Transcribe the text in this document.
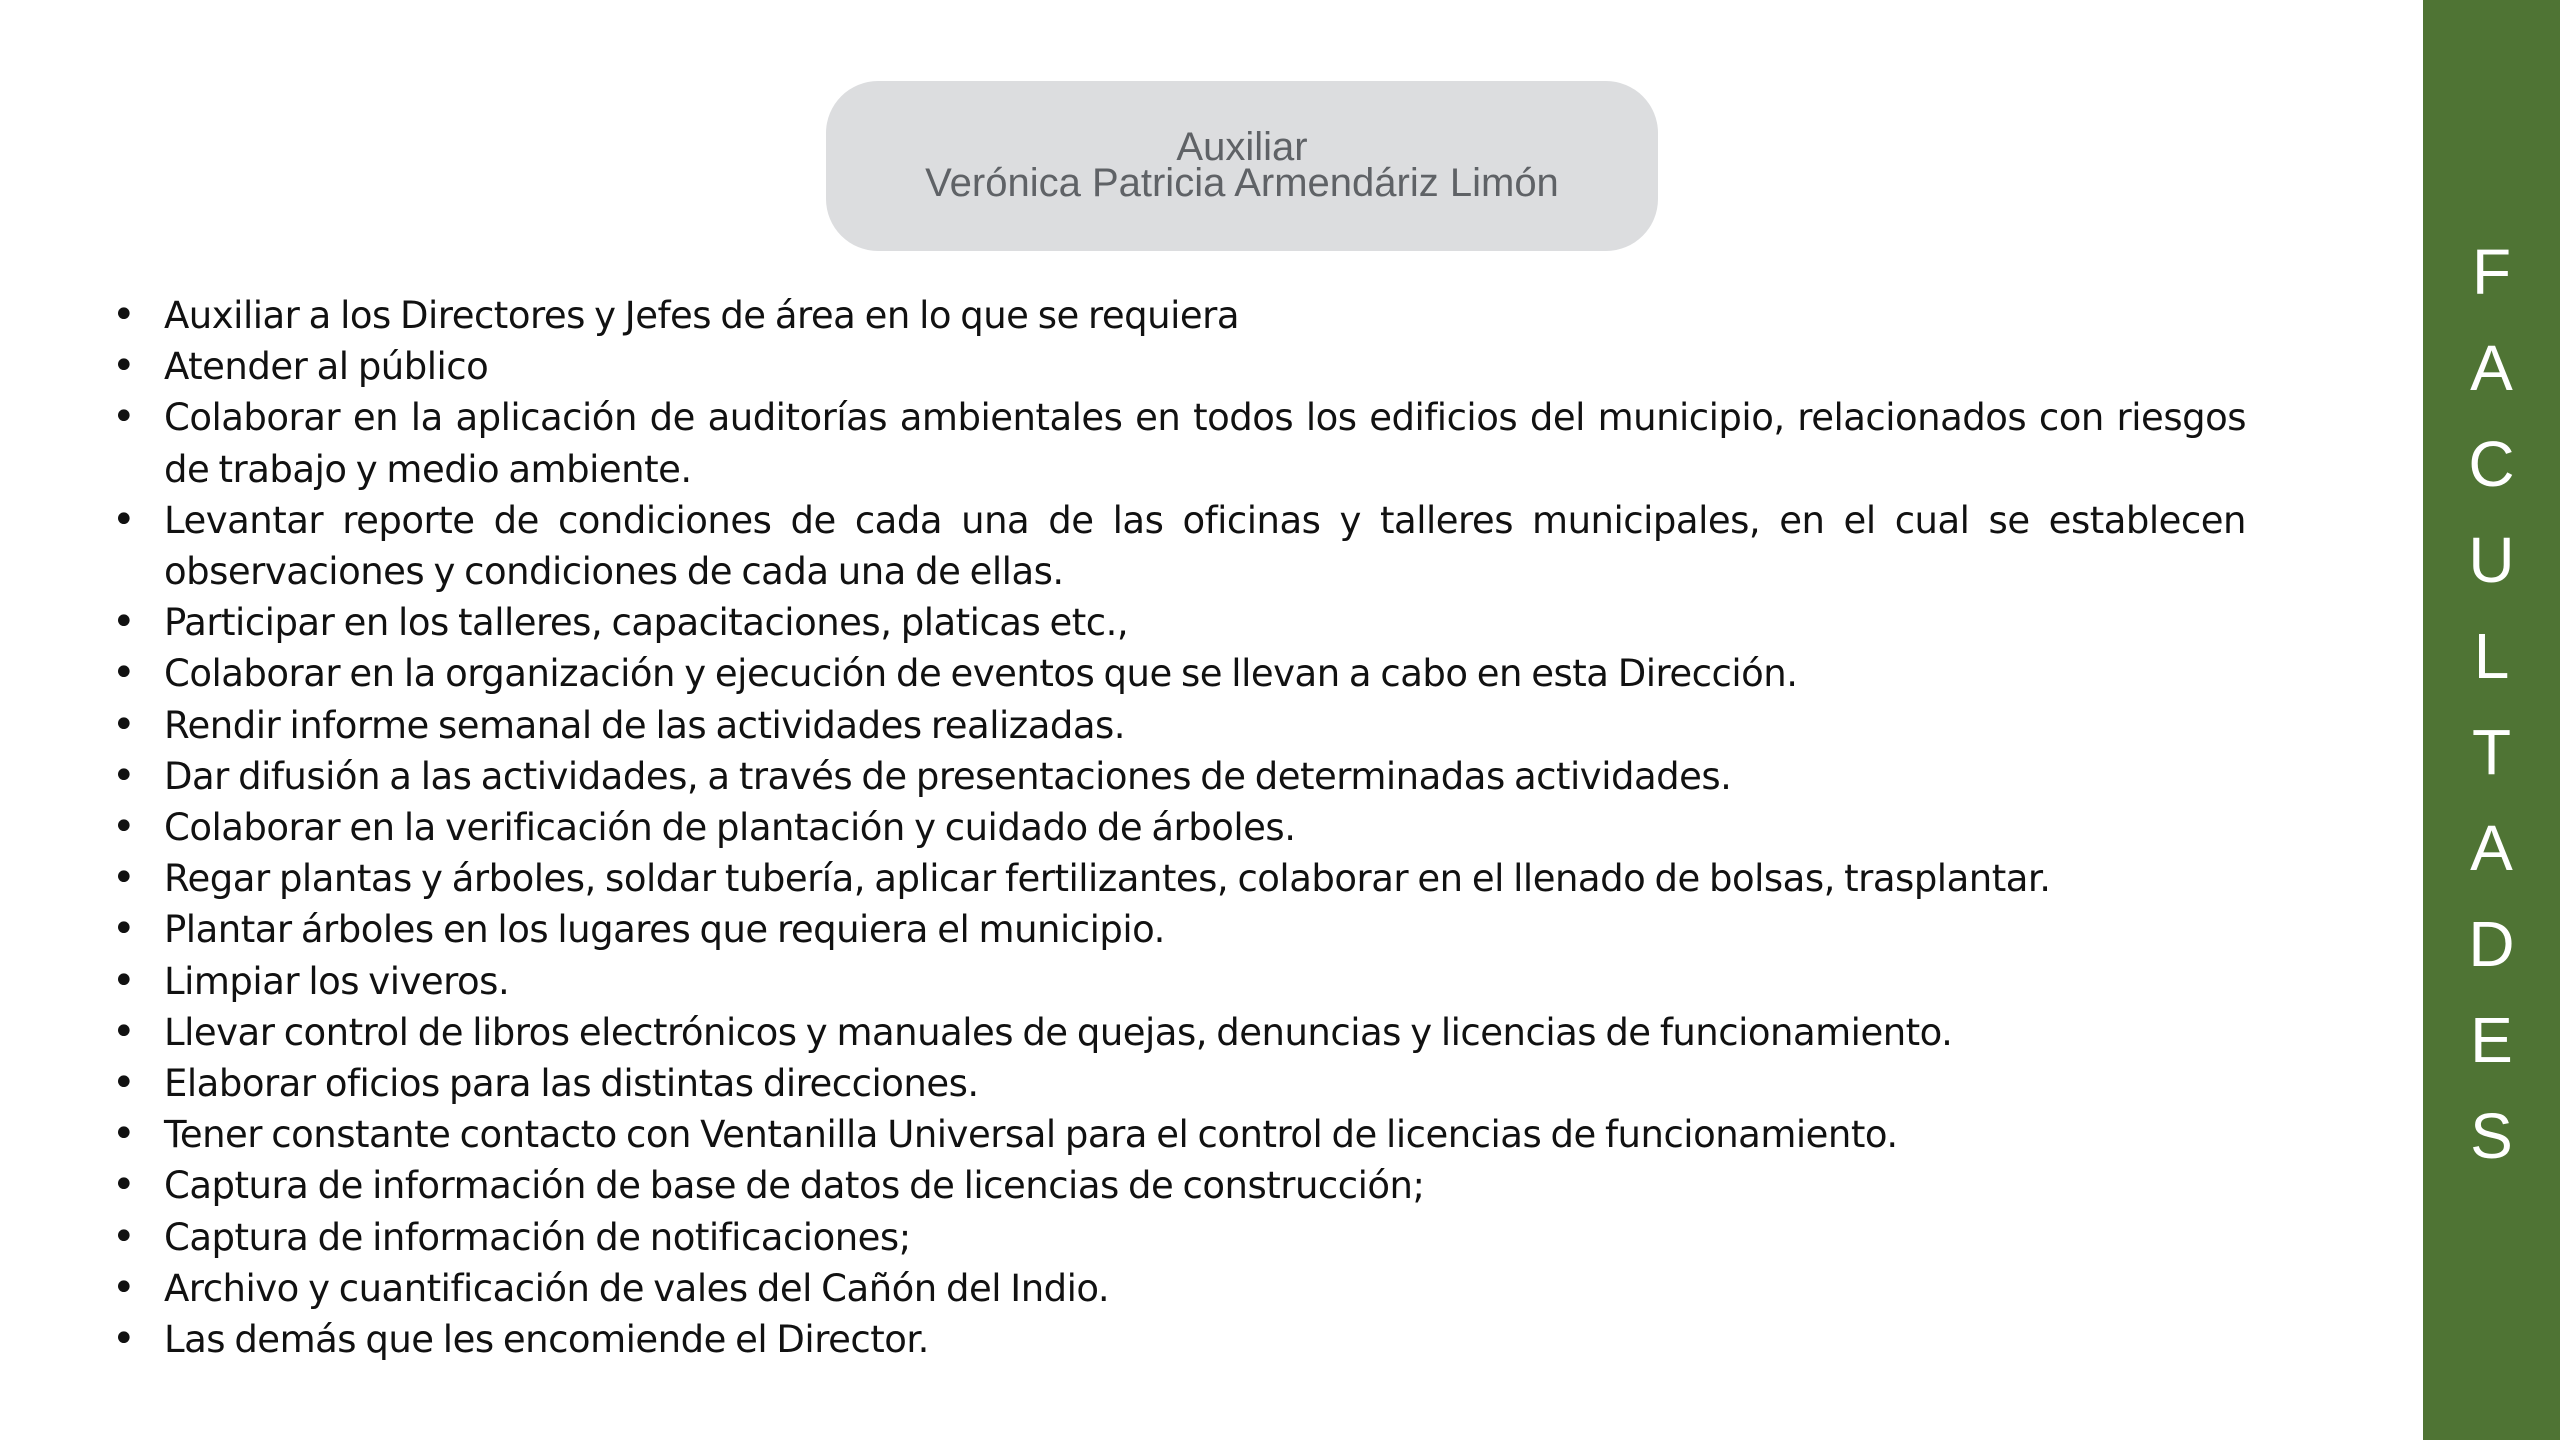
Auxiliar
Verónica Patricia Armendáriz Limón
• Auxiliar a los Directores y Jefes de área en lo que se requiera
• Atender al público
• Colaborar en la aplicación de auditorías ambientales en todos los edificios del municipio, relacionados con riesgos de trabajo y medio ambiente.
• Levantar reporte de condiciones de cada una de las oficinas y talleres municipales, en el cual se establecen observaciones y condiciones de cada una de ellas.
• Participar en los talleres, capacitaciones, platicas etc.,
• Colaborar en la organización y ejecución de eventos que se llevan a cabo en esta Dirección.
• Rendir informe semanal de las actividades realizadas.
• Dar difusión a las actividades, a través de presentaciones de determinadas actividades.
• Colaborar en la verificación de plantación y cuidado de árboles.
• Regar plantas y árboles, soldar tubería, aplicar fertilizantes, colaborar en el llenado de bolsas, trasplantar.
• Plantar árboles en los lugares que requiera el municipio.
• Limpiar los viveros.
• Llevar control de libros electrónicos y manuales de quejas, denuncias y licencias de funcionamiento.
• Elaborar oficios para las distintas direcciones.
• Tener constante contacto con Ventanilla Universal para el control de licencias de funcionamiento.
• Captura de información de base de datos de licencias de construcción;
• Captura de información de notificaciones;
• Archivo y cuantificación de vales del Cañón del Indio.
• Las demás que les encomiende el Director.
F
A
C
U
L
T
A
D
E
S
